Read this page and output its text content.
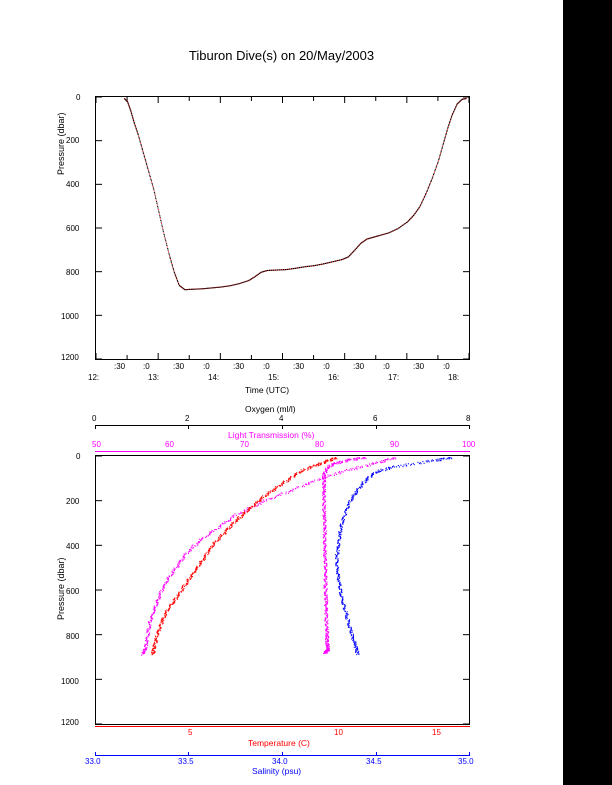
Tiburon Dive(s) on 20/May/2003
Pressure (dbar)
0
200
400
600
800
1000
1200
:30 :0	:30 :0	:30 :0	:30 :0	:30 :0	:30 :0
12:	13:	14:	15:	16:	17:	18:
Time (UTC)
0	2	4	6	8
Oxygen (ml/l)
50	60	70	80	90	100
Light Transmission (%)
Pressure (dbar)
0
200
400
600
800
1000
1200
5	10	15
Temperature (C)
33.0	33.5	34.0	34.5	35.0
Salinity (psu)
